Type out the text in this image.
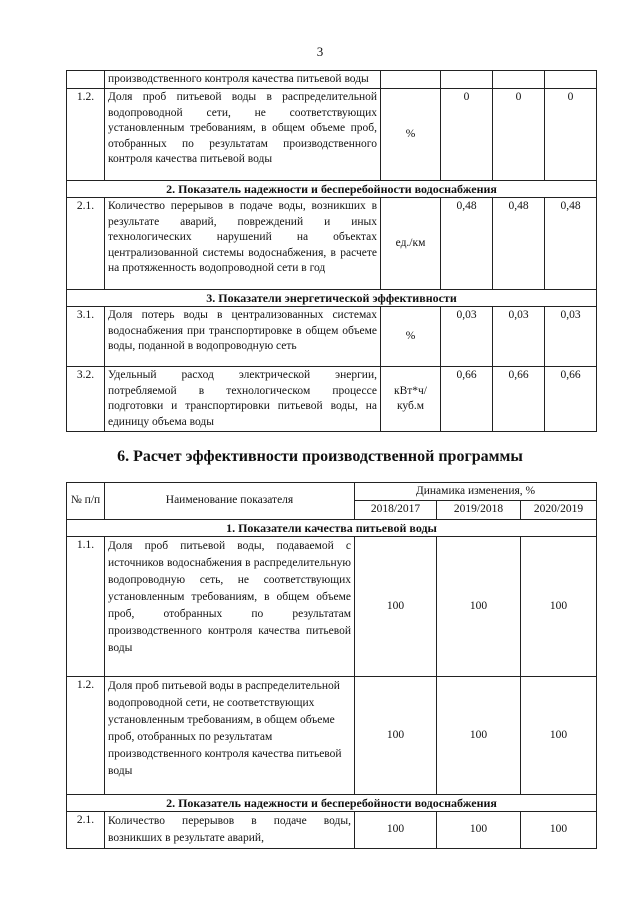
3
	производственного контроля качества питьевой воды				
1.2.	Доля проб питьевой воды в распределительной водопроводной сети, не соответствующих установленным требованиям, в общем объеме проб, отобранных по результатам производственного контроля качества питьевой воды	%	0	0	0
2. Показатель надежности и бесперебойности водоснабжения					
2.1.	Количество перерывов в подаче воды, возникших в результате аварий, повреждений и иных технологических нарушений на объектах централизованной системы водоснабжения, в расчете на протяженность водопроводной сети в год	ед./км	0,48	0,48	0,48
3. Показатели энергетической эффективности					
3.1.	Доля потерь воды в централизованных системах водоснабжения при транспортировке в общем объеме воды, поданной в водопроводную сеть	%	0,03	0,03	0,03
3.2.	Удельный расход электрической энергии, потребляемой в технологическом процессе подготовки и транспортировки питьевой воды, на единицу объема воды	кВт*ч/куб.м	0,66	0,66	0,66
6. Расчет эффективности производственной программы
№ п/п	Наименование показателя	Динамика изменения, %		
		2018/2017	2019/2018	2020/2019
1. Показатели качества питьевой воды				
1.1.	Доля проб питьевой воды, подаваемой с источников водоснабжения в распределительную водопроводную сеть, не соответствующих установленным требованиям, в общем объеме проб, отобранных по результатам производственного контроля качества питьевой воды	100	100	100
1.2.	Доля проб питьевой воды в распределительной водопроводной сети, не соответствующих установленным требованиям, в общем объеме проб, отобранных по результатам производственного контроля качества питьевой воды	100	100	100
2. Показатель надежности и бесперебойности водоснабжения				
2.1.	Количество перерывов в подаче воды, возникших в результате аварий,	100	100	100
